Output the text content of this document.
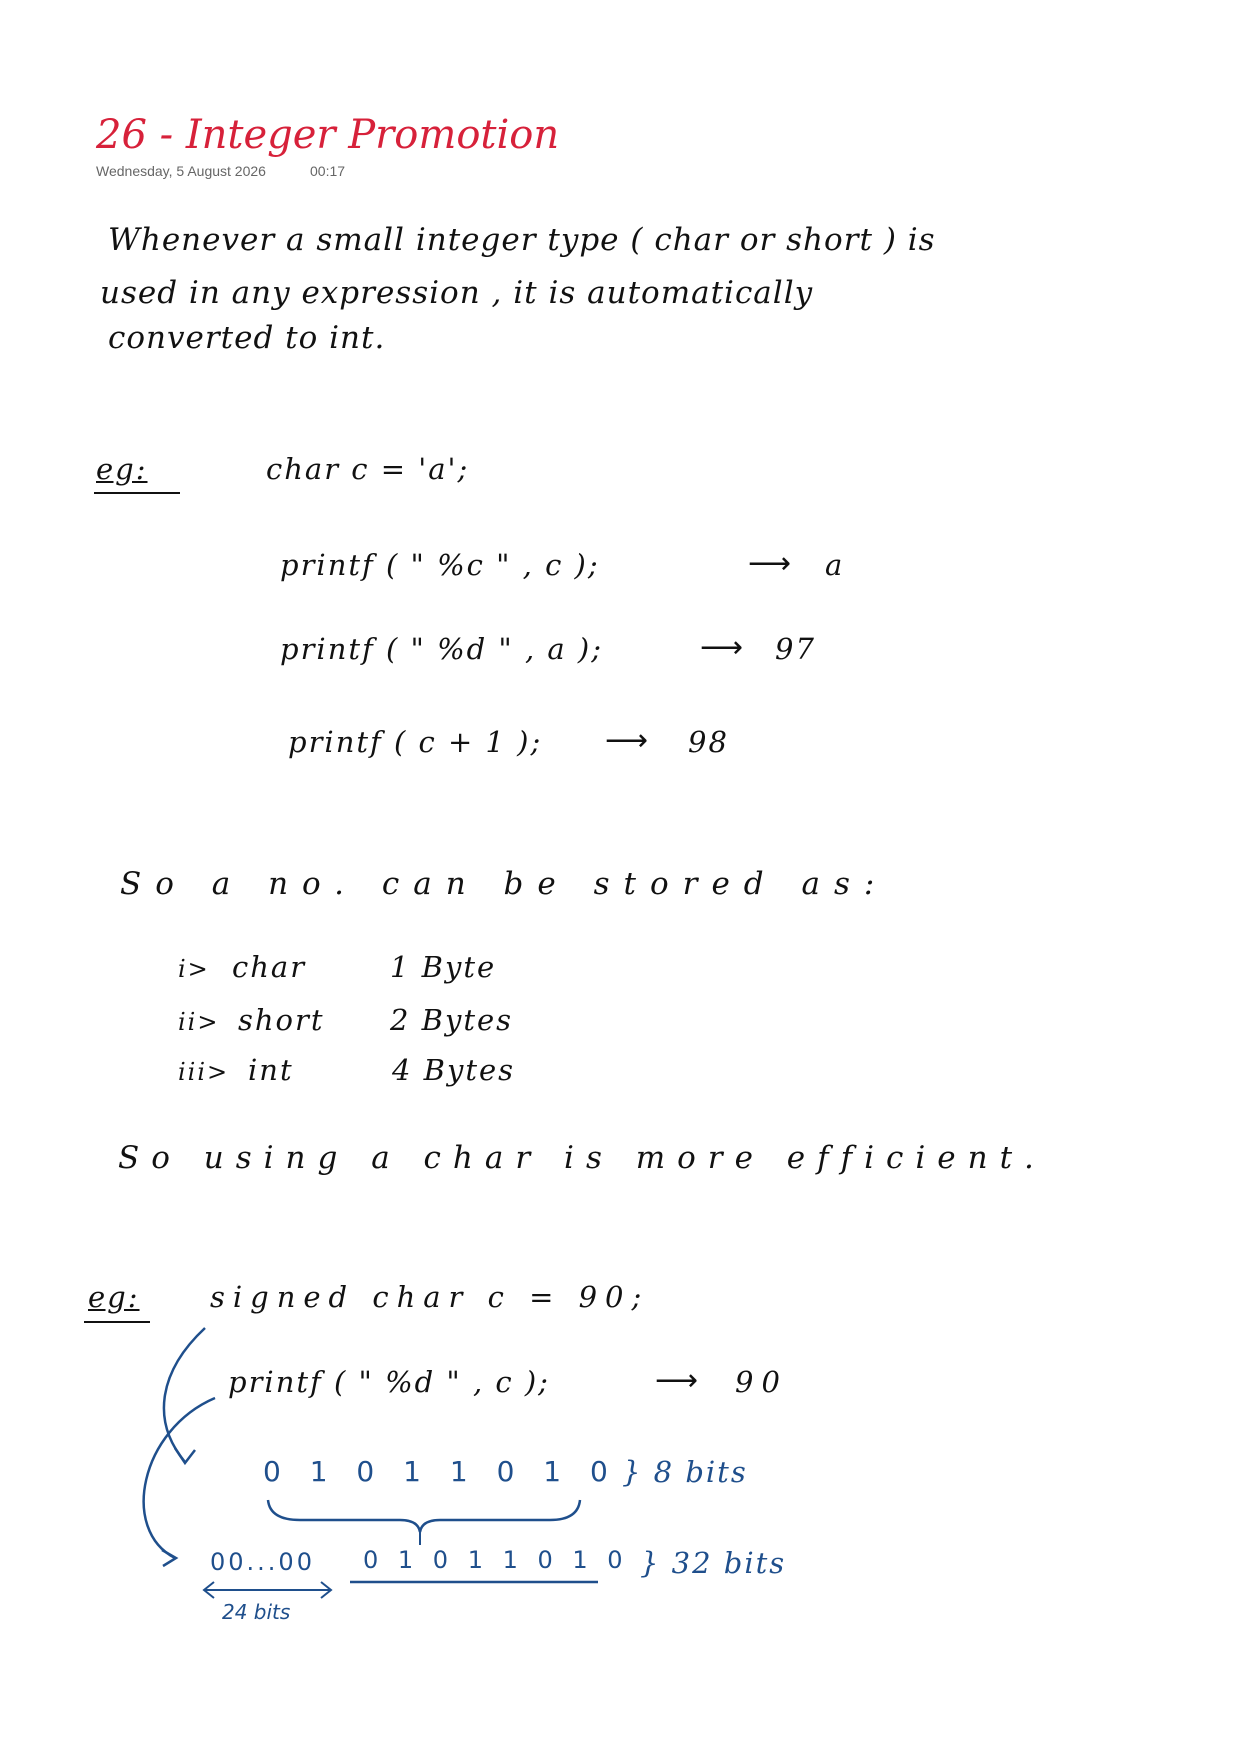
26 - Integer Promotion
Wednesday, 5 August 2026	00:17
Whenever a small integer type ( char or short ) is
used in any expression , it is automatically
converted to int.
eg:	char c = 'a';
printf ( " %c " , c );	⟶ a
printf ( " %d " , a );	⟶ 97
printf ( c + 1 ); ⟶ 98
So a no. can be stored as:
i> char	1 Byte
ii> short 2 Bytes
iii> int	4 Bytes
So using a char is more efficient.
eg: signed char c = 90;
printf ( " %d " , c );	⟶ 90
0 1 0 1 1 0 1 0 } 8 bits
00...00 0 1 0 1 1 0 1 0 } 32 bits
24 bits
